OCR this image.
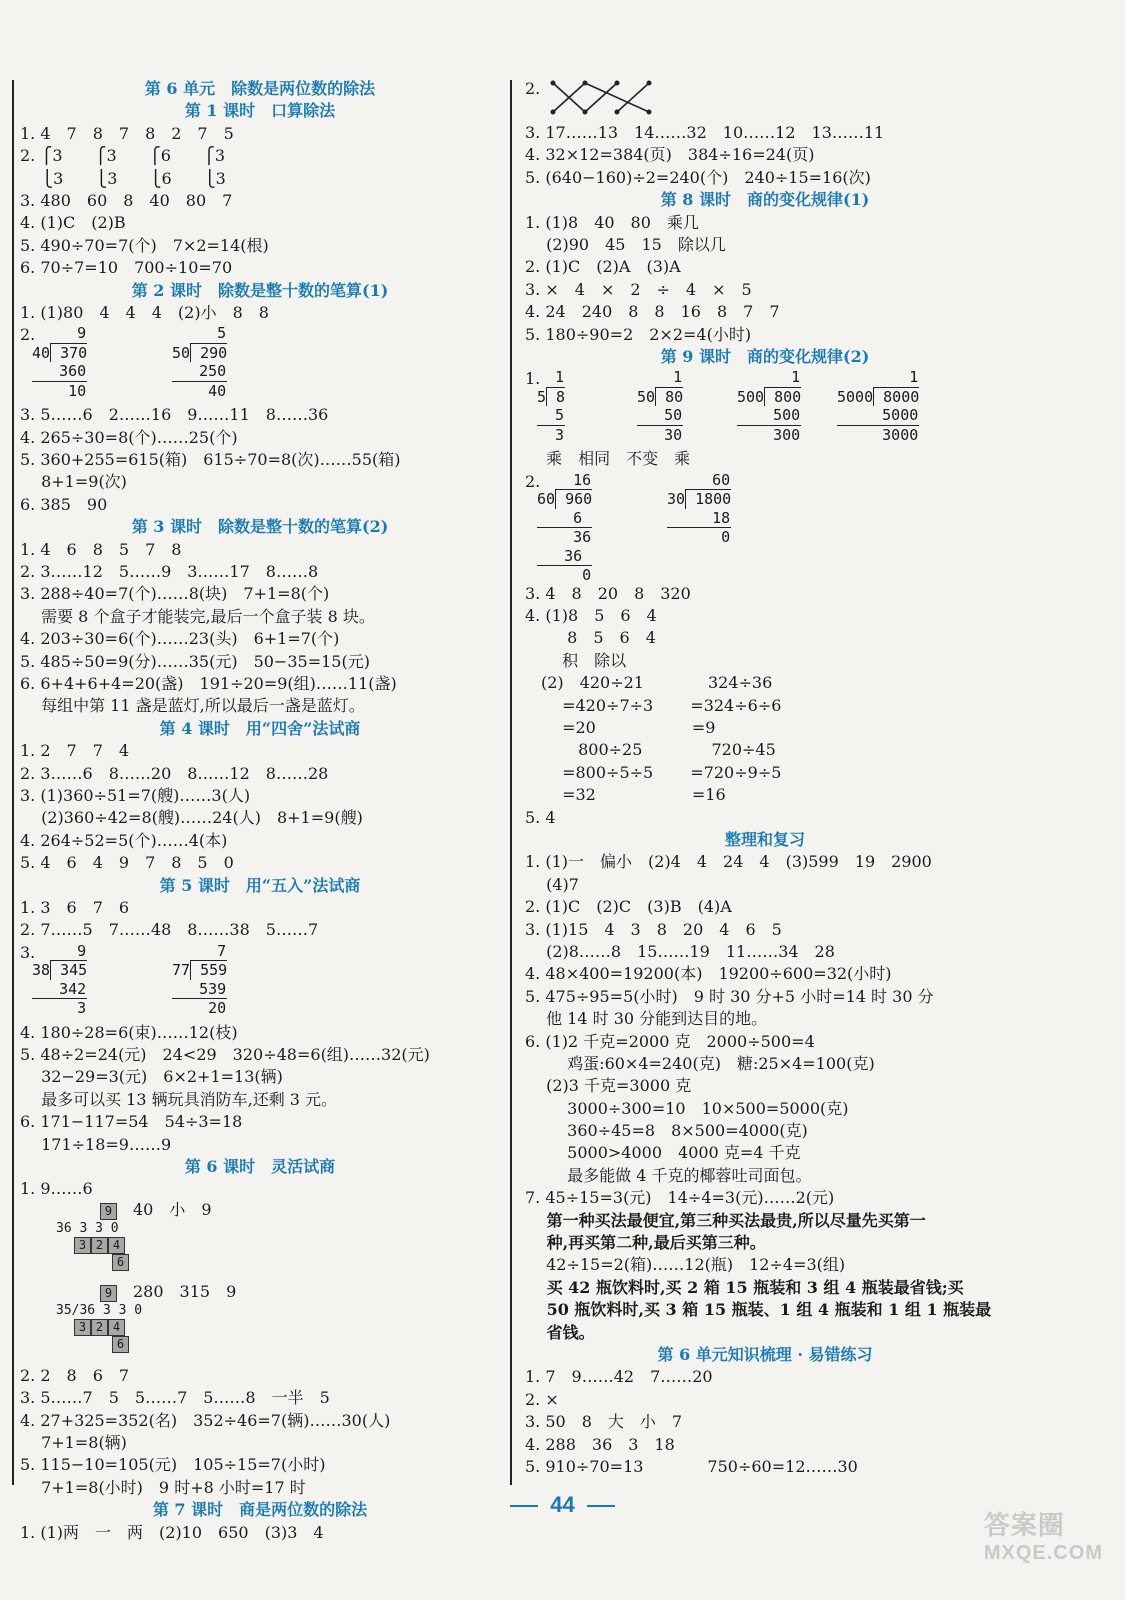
第 6 单元　除数是两位数的除法
第 1 课时　口算除法
1. 4　7　8　7　8　2　7　5
2. ⎧3　　⎧3　　⎧6　　⎧3
　 ⎩3　　⎩3　　⎩6　　⎩3
3. 480　60　8　40　80　7
4. (1)C　(2)B
5. 490÷70=7(个)　7×2=14(根)
6. 70÷7=10　700÷10=70
第 2 课时　除数是整十数的笔算(1)
1. (1)80　4　4　4　(2)小　8　8
2.
9
40 370
360
10
5
50 290
250
40
3. 5……6　2……16　9……11　8……36
4. 265÷30=8(个)……25(个)
5. 360+255=615(箱)　615÷70=8(次)……55(箱)
　 8+1=9(次)
6. 385　90
第 3 课时　除数是整十数的笔算(2)
1. 4　6　8　5　7　8
2. 3……12　5……9　3……17　8……8
3. 288÷40=7(个)……8(块)　7+1=8(个)
　 需要 8 个盒子才能装完,最后一个盒子装 8 块。
4. 203÷30=6(个)……23(头)　6+1=7(个)
5. 485÷50=9(分)……35(元)　50−35=15(元)
6. 6+4+6+4=20(盏)　191÷20=9(组)……11(盏)
　 每组中第 11 盏是蓝灯,所以最后一盏是蓝灯。
第 4 课时　用“四舍”法试商
1. 2　7　7　4
2. 3……6　8……20　8……12　8……28
3. (1)360÷51=7(艘)……3(人)
　 (2)360÷42=8(艘)……24(人)　8+1=9(艘)
4. 264÷52=5(个)……4(本)
5. 4　6　4　9　7　8　5　0
第 5 课时　用“五入”法试商
1. 3　6　7　6
2. 7……5　7……48　8……38　5……7
3.
9
38 345
342
3
7
77 559
539
20
4. 180÷28=6(束)……12(枝)
5. 48÷2=24(元)　24<29　320÷48=6(组)……32(元)
　 32−29=3(元)　6×2+1=13(辆)
　 最多可以买 13 辆玩具消防车,还剩 3 元。
6. 171−117=54　54÷3=18
　 171÷18=9……9
第 6 课时　灵活试商
1. 9……6
9　40　小　9
36 3 3 0
3 2 4
6
9　280　315　9
35/36 3 3 0
3 2 4
6
2. 2　8　6　7
3. 5……7　5　5……7　5……8　一半　5
4. 27+325=352(名)　352÷46=7(辆)……30(人)
　 7+1=8(辆)
5. 115−10=105(元)　105÷15=7(小时)
　 7+1=8(小时)　9 时+8 小时=17 时
第 7 课时　商是两位数的除法
1. (1)两　一　两　(2)10　650　(3)3　4
2.
3. 17……13　14……32　10……12　13……11
4. 32×12=384(页)　384÷16=24(页)
5. (640−160)÷2=240(个)　240÷15=16(次)
第 8 课时　商的变化规律(1)
1. (1)8　40　80　乘几
　 (2)90　45　15　除以几
2. (1)C　(2)A　(3)A
3. ×　4　×　2　÷　4　×　5
4. 24　240　8　8　16　8　7　7
5. 180÷90=2　2×2=4(小时)
第 9 课时　商的变化规律(2)
1.
1
5 8
5
3
1
50 80
50
30
1
500 800
500
300
1
5000 8000
5000
3000
　 乘　相同　不变　乘
2.
16
60 960
6
36
36
0
60
30 1800
18
0
3. 4　8　20　8　320
4. (1)8　5　6　4
　 　 8　5　6　4
　 　积　除以
　(2)　420÷21　　　　324÷36
　　 =420÷7÷3　　 =324÷6÷6
　　 =20　　　　　　=9
　　　 800÷25　　　　 720÷45
　　 =800÷5÷5　　 =720÷9÷5
　　 =32　　　　　　=16
5. 4
整理和复习
1. (1)一　偏小　(2)4　4　24　4　(3)599　19　2900
　 (4)7
2. (1)C　(2)C　(3)B　(4)A
3. (1)15　4　3　8　20　4　6　5
　 (2)8……8　15……19　11……34　28
4. 48×400=19200(本)　19200÷600=32(小时)
5. 475÷95=5(小时)　9 时 30 分+5 小时=14 时 30 分
　 他 14 时 30 分能到达目的地。
6. (1)2 千克=2000 克　2000÷500=4
　 　 鸡蛋:60×4=240(克)　糖:25×4=100(克)
　 (2)3 千克=3000 克
　 　 3000÷300=10　10×500=5000(克)
　 　 360÷45=8　8×500=4000(克)
　 　 5000>4000　4000 克=4 千克
　 　 最多能做 4 千克的椰蓉吐司面包。
7. 45÷15=3(元)　14÷4=3(元)……2(元)
　 第一种买法最便宜,第三种买法最贵,所以尽量先买第一
　 种,再买第二种,最后买第三种。
　 42÷15=2(箱)……12(瓶)　12÷4=3(组)
　 买 42 瓶饮料时,买 2 箱 15 瓶装和 3 组 4 瓶装最省钱;买
　 50 瓶饮料时,买 3 箱 15 瓶装、1 组 4 瓶装和 1 组 1 瓶装最
　 省钱。
第 6 单元知识梳理 · 易错练习
1. 7　9……42　7……20
2. ×
3. 50　8　大　小　7
4. 288　36　3　18
5. 910÷70=13　　　　750÷60=12……30
44
答案圈
MXQE.COM
